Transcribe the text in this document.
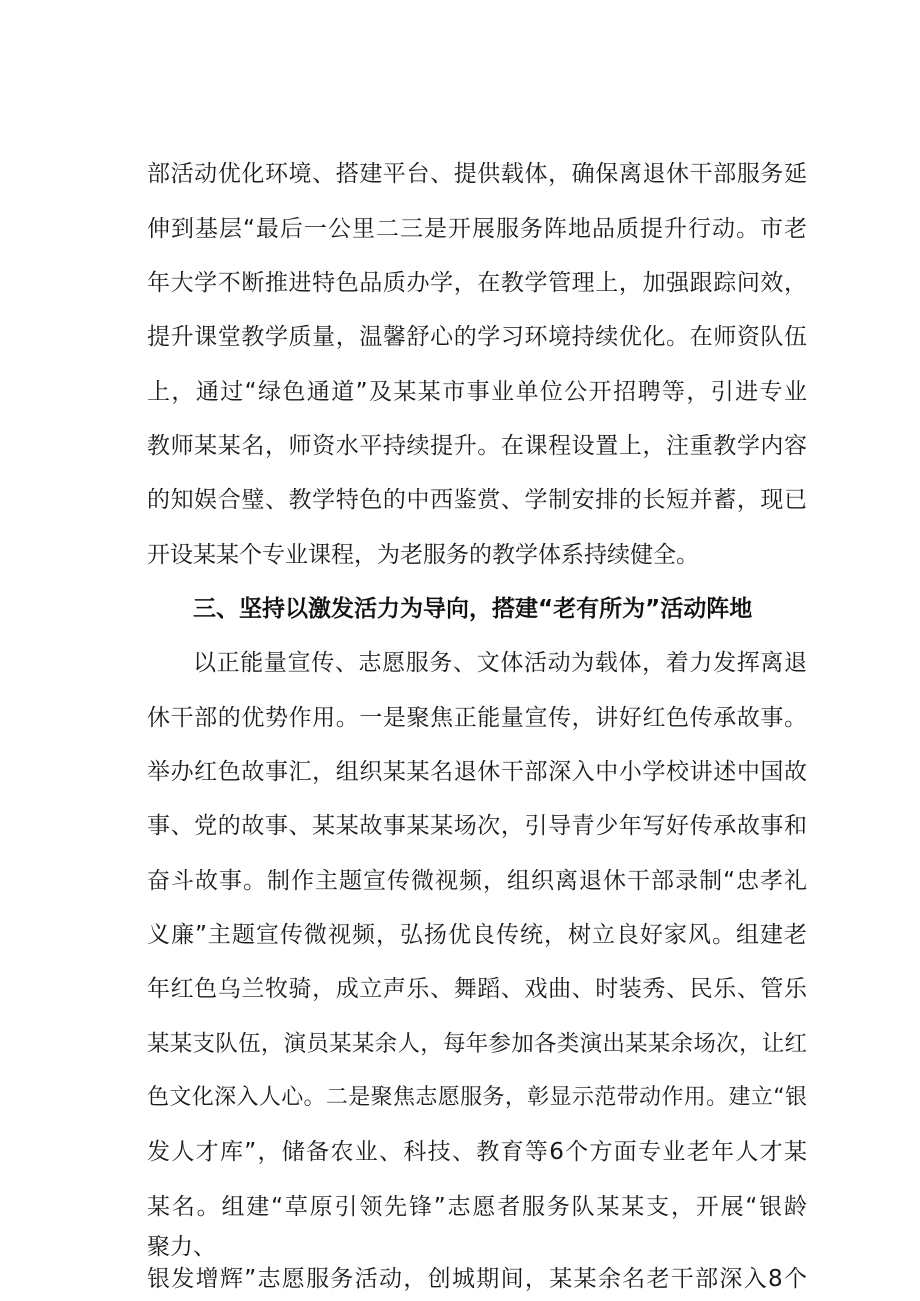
部活动优化环境、搭建平台、提供载体，确保离退休干部服务延
伸到基层“最后一公里二三是开展服务阵地品质提升行动。市老
年大学不断推进特色品质办学，在教学管理上，加强跟踪问效，
提升课堂教学质量，温馨舒心的学习环境持续优化。在师资队伍
上，通过“绿色通道”及某某市事业单位公开招聘等，引进专业
教师某某名，师资水平持续提升。在课程设置上，注重教学内容
的知娱合璧、教学特色的中西鉴赏、学制安排的长短并蓄，现已
开设某某个专业课程，为老服务的教学体系持续健全。
三、坚持以激发活力为导向，搭建“老有所为”活动阵地
以正能量宣传、志愿服务、文体活动为载体，着力发挥离退
休干部的优势作用。一是聚焦正能量宣传，讲好红色传承故事。
举办红色故事汇，组织某某名退休干部深入中小学校讲述中国故
事、党的故事、某某故事某某场次，引导青少年写好传承故事和
奋斗故事。制作主题宣传微视频，组织离退休干部录制“忠孝礼
义廉”主题宣传微视频，弘扬优良传统，树立良好家风。组建老
年红色乌兰牧骑，成立声乐、舞蹈、戏曲、时装秀、民乐、管乐
某某支队伍，演员某某余人，每年参加各类演出某某余场次，让红
色文化深入人心。二是聚焦志愿服务，彰显示范带动作用。建立“银
发人才库”，储备农业、科技、教育等6个方面专业老年人才某
某名。组建“草原引领先锋”志愿者服务队某某支，开展“银龄
聚力、
银发增辉”志愿服务活动，创城期间，某某余名老干部深入8个
